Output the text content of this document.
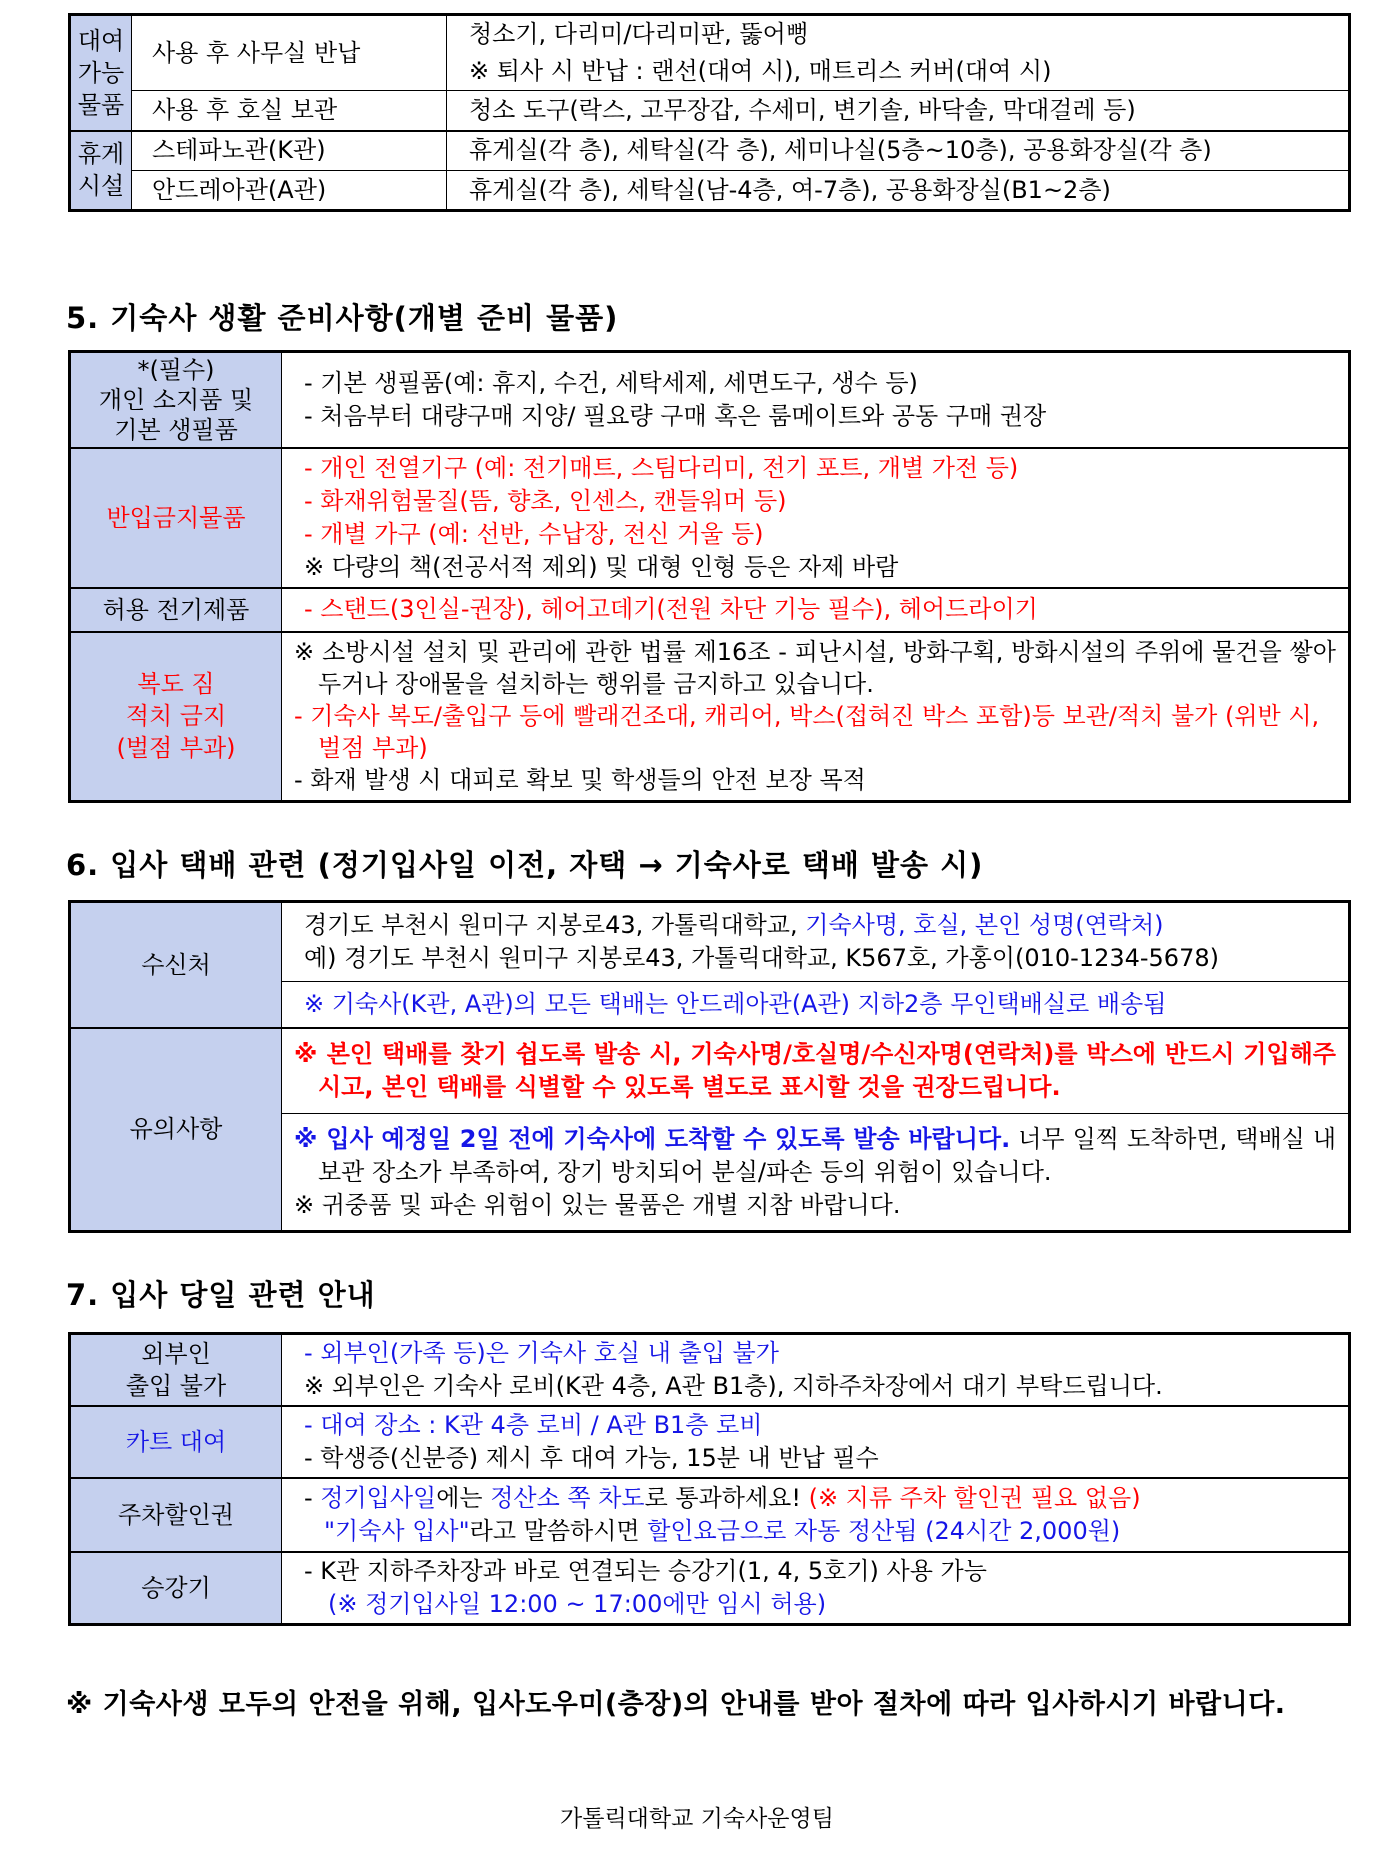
대여
가능
물품	사용 후 사무실 반납	청소기, 다리미/다리미판, 뚫어뻥
※ 퇴사 시 반납 : 랜선(대여 시), 매트리스 커버(대여 시)

	사용 후 호실 보관	청소 도구(락스, 고무장갑, 수세미, 변기솔, 바닥솔, 막대걸레 등)

휴게
시설	스테파노관(K관)	휴게실(각 층), 세탁실(각 층), 세미나실(5층~10층), 공용화장실(각 층)
	안드레아관(A관)	휴게실(각 층), 세탁실(남-4층, 여-7층), 공용화장실(B1~2층)
5. 기숙사 생활 준비사항(개별 준비 물품)
*(필수)
개인 소지품 및
기본 생필품	- 기본 생필품(예: 휴지, 수건, 세탁세제, 세면도구, 생수 등)
- 처음부터 대량구매 지양/ 필요량 구매 혹은 룸메이트와 공동 구매 권장

반입금지물품	- 개인 전열기구 (예: 전기매트, 스팀다리미, 전기 포트, 개별 가전 등)
- 화재위험물질(뜸, 향초, 인센스, 캔들워머 등)
- 개별 가구 (예: 선반, 수납장, 전신 거울 등)
※ 다량의 책(전공서적 제외) 및 대형 인형 등은 자제 바람

허용 전기제품	- 스탠드(3인실-권장), 헤어고데기(전원 차단 기능 필수), 헤어드라이기

복도 짐
적치 금지
(벌점 부과)	※ 소방시설 설치 및 관리에 관한 법률 제16조 - 피난시설, 방화구획, 방화시설의 주위에 물건을 쌓아두거나 장애물을 설치하는 행위를 금지하고 있습니다.
- 기숙사 복도/출입구 등에 빨래건조대, 캐리어, 박스(접혀진 박스 포함)등 보관/적치 불가 (위반 시, 벌점 부과)
- 화재 발생 시 대피로 확보 및 학생들의 안전 보장 목적
6. 입사 택배 관련 (정기입사일 이전, 자택 → 기숙사로 택배 발송 시)
수신처	경기도 부천시 원미구 지봉로43, 가톨릭대학교, 기숙사명, 호실, 본인 성명(연락처)
예) 경기도 부천시 원미구 지봉로43, 가톨릭대학교, K567호, 가홍이(010-1234-5678)

	※ 기숙사(K관, A관)의 모든 택배는 안드레아관(A관) 지하2층 무인택배실로 배송됨
유의사항	※ 본인 택배를 찾기 쉽도록 발송 시, 기숙사명/호실명/수신자명(연락처)를 박스에 반드시 기입해주시고, 본인 택배를 식별할 수 있도록 별도로 표시할 것을 권장드립니다.

	※ 입사 예정일 2일 전에 기숙사에 도착할 수 있도록 발송 바랍니다. 너무 일찍 도착하면, 택배실 내 보관 장소가 부족하여, 장기 방치되어 분실/파손 등의 위험이 있습니다.
※ 귀중품 및 파손 위험이 있는 물품은 개별 지참 바랍니다.
7. 입사 당일 관련 안내
외부인
출입 불가	- 외부인(가족 등)은 기숙사 호실 내 출입 불가
※ 외부인은 기숙사 로비(K관 4층, A관 B1층), 지하주차장에서 대기 부탁드립니다.

카트 대여	- 대여 장소 : K관 4층 로비 / A관 B1층 로비
- 학생증(신분증) 제시 후 대여 가능, 15분 내 반납 필수

주차할인권	- 정기입사일에는 정산소 쪽 차도로 통과하세요! (※ 지류 주차 할인권 필요 없음)
"기숙사 입사"라고 말씀하시면 할인요금으로 자동 정산됨 (24시간 2,000원)

승강기	- K관 지하주차장과 바로 연결되는 승강기(1, 4, 5호기) 사용 가능
(※ 정기입사일 12:00 ~ 17:00에만 임시 허용)

※ 기숙사생 모두의 안전을 위해, 입사도우미(층장)의 안내를 받아 절차에 따라 입사하시기 바랍니다.

가톨릭대학교 기숙사운영팀
